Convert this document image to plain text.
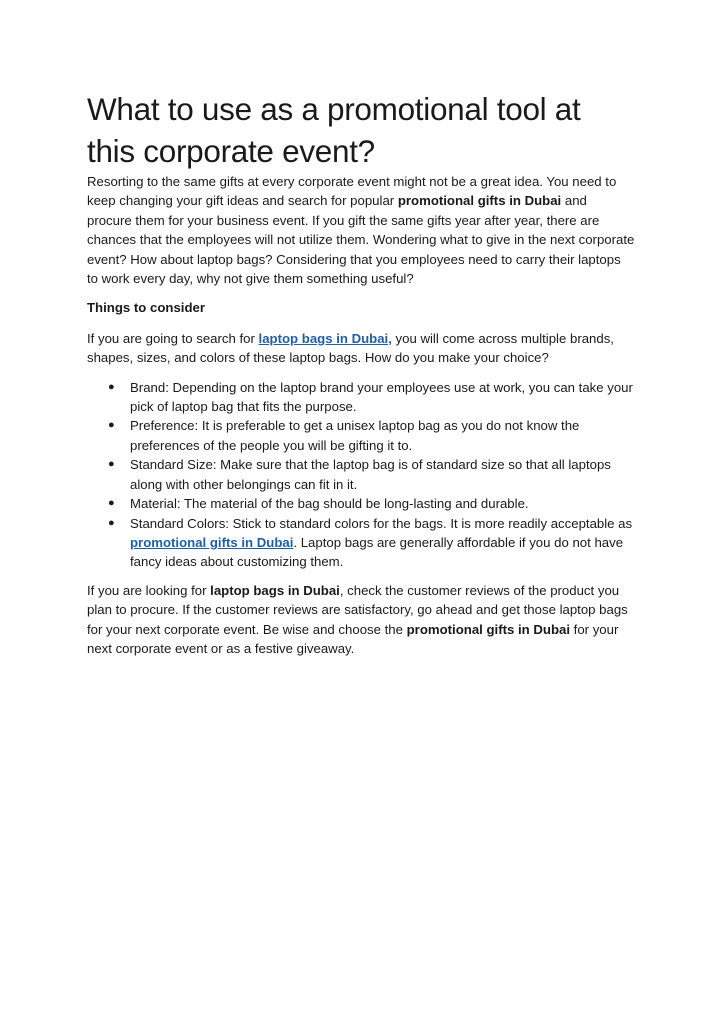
What to use as a promotional tool at this corporate event?

Resorting to the same gifts at every corporate event might not be a great idea. You need to keep changing your gift ideas and search for popular promotional gifts in Dubai and procure them for your business event. If you gift the same gifts year after year, there are chances that the employees will not utilize them. Wondering what to give in the next corporate event? How about laptop bags? Considering that you employees need to carry their laptops to work every day, why not give them something useful?

Things to consider

If you are going to search for laptop bags in Dubai, you will come across multiple brands, shapes, sizes, and colors of these laptop bags. How do you make your choice?

● Brand: Depending on the laptop brand your employees use at work, you can take your pick of laptop bag that fits the purpose.
● Preference: It is preferable to get a unisex laptop bag as you do not know the preferences of the people you will be gifting it to.
● Standard Size: Make sure that the laptop bag is of standard size so that all laptops along with other belongings can fit in it.
● Material: The material of the bag should be long-lasting and durable.
● Standard Colors: Stick to standard colors for the bags. It is more readily acceptable as promotional gifts in Dubai. Laptop bags are generally affordable if you do not have fancy ideas about customizing them.

If you are looking for laptop bags in Dubai, check the customer reviews of the product you plan to procure. If the customer reviews are satisfactory, go ahead and get those laptop bags for your next corporate event. Be wise and choose the promotional gifts in Dubai for your next corporate event or as a festive giveaway.
